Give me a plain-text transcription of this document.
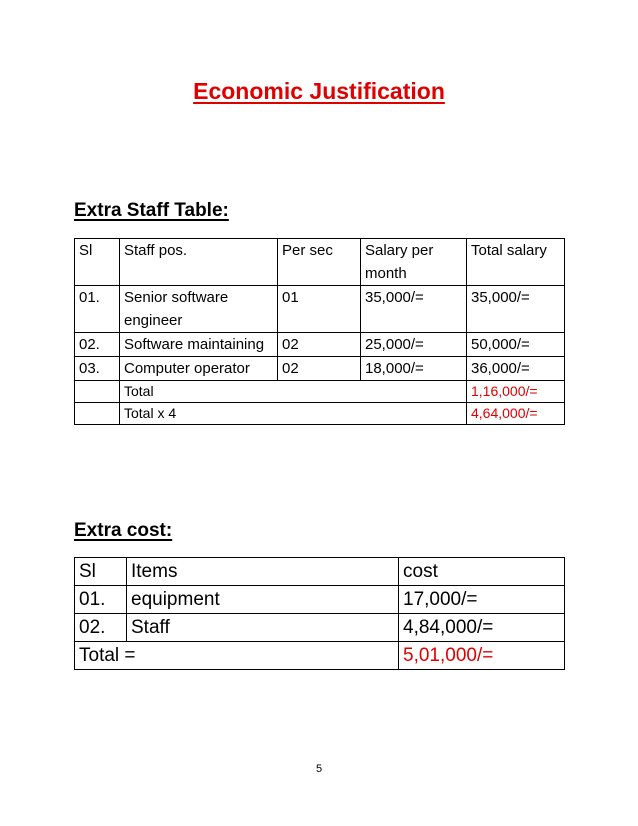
Economic Justification
Extra Staff Table:
Sl	Staff pos.	Per sec	Salary per month	Total salary
01.	Senior software engineer	01	35,000/=	35,000/=
02.	Software maintaining	02	25,000/=	50,000/=
03.	Computer operator	02	18,000/=	36,000/=
	Total			1,16,000/=
	Total x 4			4,64,000/=
Extra cost:
Sl	Items	cost
01.	equipment	17,000/=
02.	Staff	4,84,000/=
Total =		5,01,000/=
5
